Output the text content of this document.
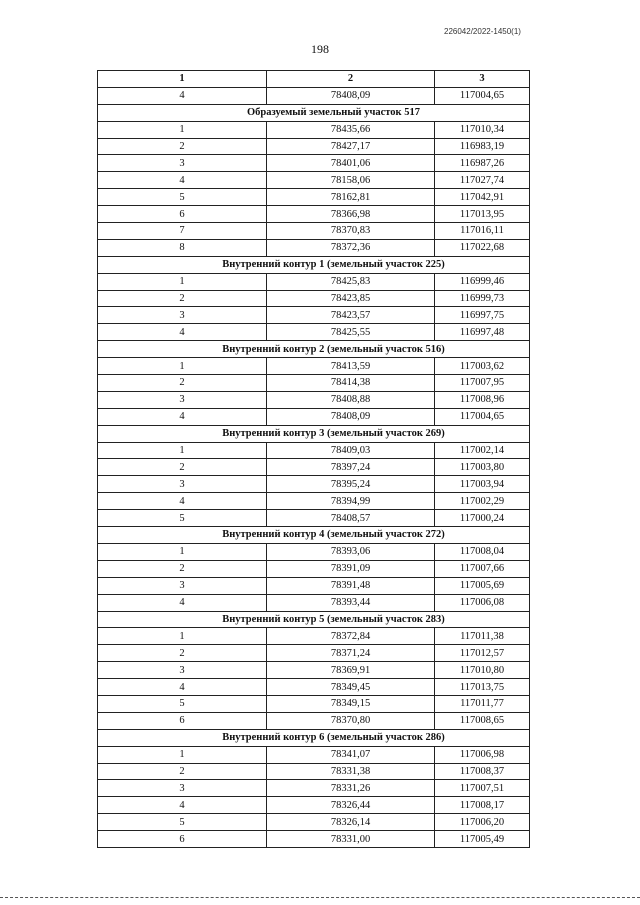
226042/2022-1450(1)
198
1	2	3
4	78408,09	117004,65
Образуемый земельный участок 517		
1	78435,66	117010,34
2	78427,17	116983,19
3	78401,06	116987,26
4	78158,06	117027,74
5	78162,81	117042,91
6	78366,98	117013,95
7	78370,83	117016,11
8	78372,36	117022,68
Внутренний контур 1 (земельный участок 225)		
1	78425,83	116999,46
2	78423,85	116999,73
3	78423,57	116997,75
4	78425,55	116997,48
Внутренний контур 2 (земельный участок 516)		
1	78413,59	117003,62
2	78414,38	117007,95
3	78408,88	117008,96
4	78408,09	117004,65
Внутренний контур 3 (земельный участок 269)		
1	78409,03	117002,14
2	78397,24	117003,80
3	78395,24	117003,94
4	78394,99	117002,29
5	78408,57	117000,24
Внутренний контур 4 (земельный участок 272)		
1	78393,06	117008,04
2	78391,09	117007,66
3	78391,48	117005,69
4	78393,44	117006,08
Внутренний контур 5 (земельный участок 283)		
1	78372,84	117011,38
2	78371,24	117012,57
3	78369,91	117010,80
4	78349,45	117013,75
5	78349,15	117011,77
6	78370,80	117008,65
Внутренний контур 6 (земельный участок 286)		
1	78341,07	117006,98
2	78331,38	117008,37
3	78331,26	117007,51
4	78326,44	117008,17
5	78326,14	117006,20
6	78331,00	117005,49
